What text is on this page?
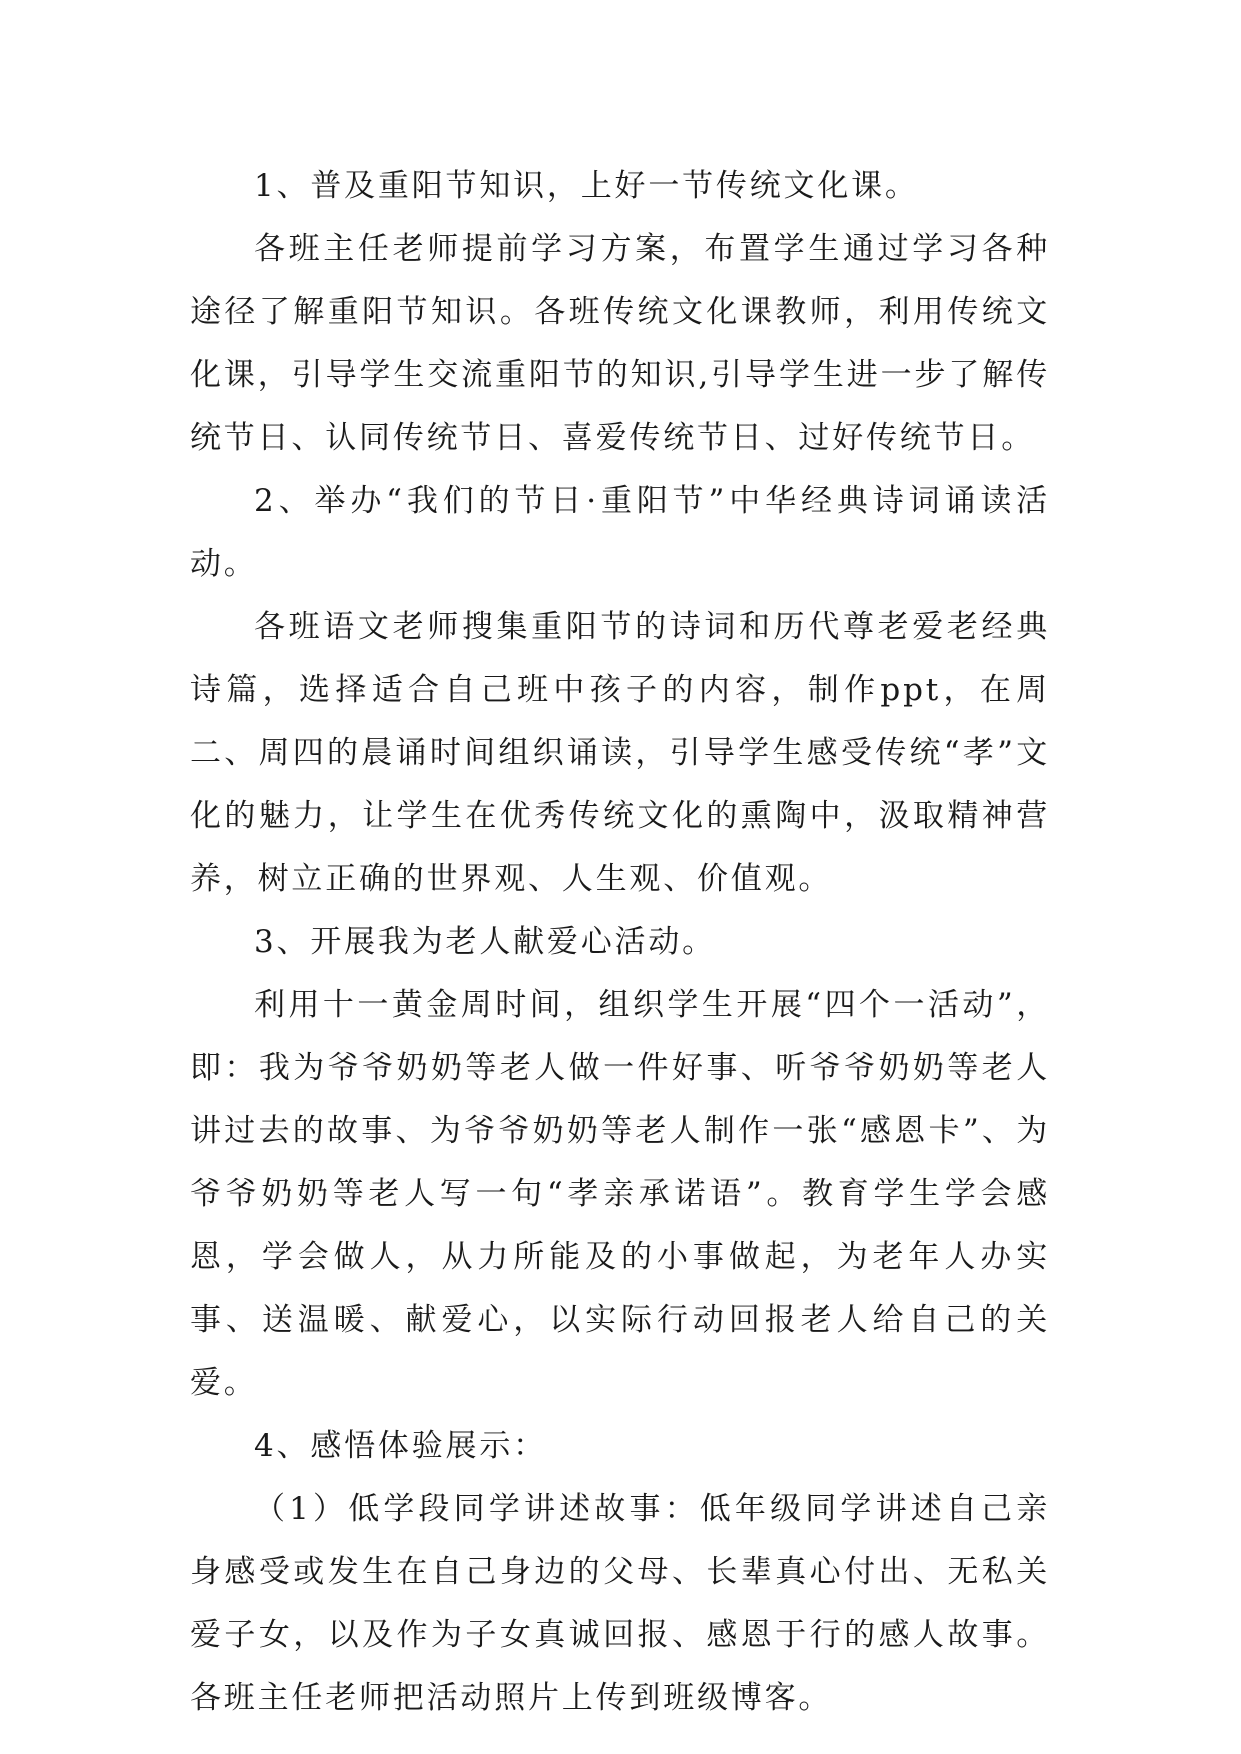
1、普及重阳节知识，上好一节传统文化课。

各班主任老师提前学习方案，布置学生通过学习各种途径了解重阳节知识。各班传统文化课教师，利用传统文化课，引导学生交流重阳节的知识,引导学生进一步了解传统节日、认同传统节日、喜爱传统节日、过好传统节日。

2、举办“我们的节日·重阳节”中华经典诗词诵读活动。

各班语文老师搜集重阳节的诗词和历代尊老爱老经典诗篇，选择适合自己班中孩子的内容，制作ppt，在周二、周四的晨诵时间组织诵读，引导学生感受传统“孝”文化的魅力，让学生在优秀传统文化的熏陶中，汲取精神营养，树立正确的世界观、人生观、价值观。

3、开展我为老人献爱心活动。

利用十一黄金周时间，组织学生开展“四个一活动”，即：我为爷爷奶奶等老人做一件好事、听爷爷奶奶等老人讲过去的故事、为爷爷奶奶等老人制作一张“感恩卡”、为爷爷奶奶等老人写一句“孝亲承诺语”。教育学生学会感恩，学会做人，从力所能及的小事做起，为老年人办实事、送温暖、献爱心，以实际行动回报老人给自己的关爱。

4、感悟体验展示：

（1）低学段同学讲述故事：低年级同学讲述自己亲身感受或发生在自己身边的父母、长辈真心付出、无私关爱子女，以及作为子女真诚回报、感恩于行的感人故事。各班主任老师把活动照片上传到班级博客。
